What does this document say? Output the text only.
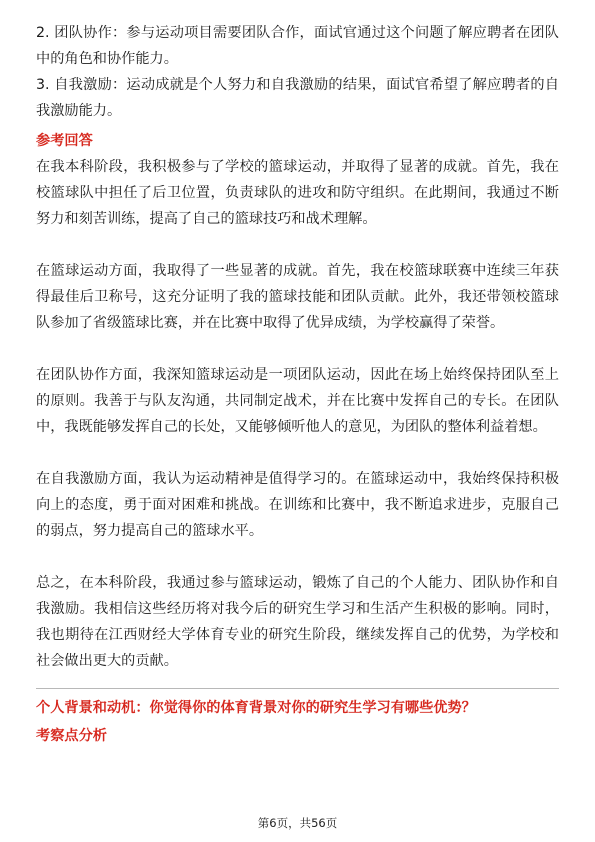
2. 团队协作：参与运动项目需要团队合作，面试官通过这个问题了解应聘者在团队中的角色和协作能力。

3. 自我激励：运动成就是个人努力和自我激励的结果，面试官希望了解应聘者的自我激励能力。

参考回答

在我本科阶段，我积极参与了学校的篮球运动，并取得了显著的成就。首先，我在校篮球队中担任了后卫位置，负责球队的进攻和防守组织。在此期间，我通过不断努力和刻苦训练，提高了自己的篮球技巧和战术理解。

在篮球运动方面，我取得了一些显著的成就。首先，我在校篮球联赛中连续三年获得最佳后卫称号，这充分证明了我的篮球技能和团队贡献。此外，我还带领校篮球队参加了省级篮球比赛，并在比赛中取得了优异成绩，为学校赢得了荣誉。

在团队协作方面，我深知篮球运动是一项团队运动，因此在场上始终保持团队至上的原则。我善于与队友沟通，共同制定战术，并在比赛中发挥自己的专长。在团队中，我既能够发挥自己的长处，又能够倾听他人的意见，为团队的整体利益着想。

在自我激励方面，我认为运动精神是值得学习的。在篮球运动中，我始终保持积极向上的态度，勇于面对困难和挑战。在训练和比赛中，我不断追求进步，克服自己的弱点，努力提高自己的篮球水平。

总之，在本科阶段，我通过参与篮球运动，锻炼了自己的个人能力、团队协作和自我激励。我相信这些经历将对我今后的研究生学习和生活产生积极的影响。同时，我也期待在江西财经大学体育专业的研究生阶段，继续发挥自己的优势，为学校和社会做出更大的贡献。

个人背景和动机：你觉得你的体育背景对你的研究生学习有哪些优势？
考察点分析
第6页，共56页
